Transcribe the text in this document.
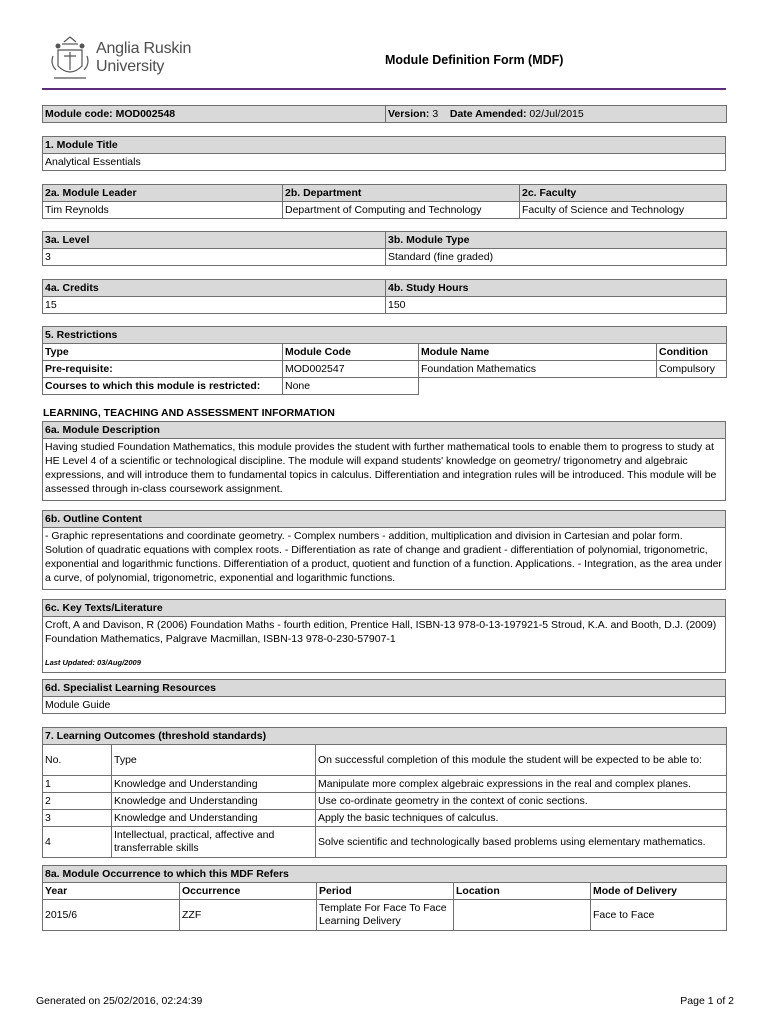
Anglia Ruskin
University	Module Definition Form (MDF)
Module code: MOD002548	Version: 3 Date Amended: 02/Jul/2015
1. Module Title
Analytical Essentials
2a. Module Leader	2b. Department	2c. Faculty
Tim Reynolds	Department of Computing and Technology	Faculty of Science and Technology
3a. Level	3b. Module Type
3	Standard (fine graded)
4a. Credits	4b. Study Hours
15	150
5. Restrictions			
Type	Module Code	Module Name	Condition
Pre-requisite:	MOD002547	Foundation Mathematics	Compulsory
Courses to which this module is restricted:	None		
LEARNING, TEACHING AND ASSESSMENT INFORMATION
6a. Module Description
Having studied Foundation Mathematics, this module provides the student with further mathematical tools to enable them to progress to study at HE Level 4 of a scientific or technological discipline. The module will expand students' knowledge on geometry/ trigonometry and algebraic expressions, and will introduce them to fundamental topics in calculus. Differentiation and integration rules will be introduced. This module will be assessed through in-class coursework assignment.
6b. Outline Content
- Graphic representations and coordinate geometry. - Complex numbers - addition, multiplication and division in Cartesian and polar form. Solution of quadratic equations with complex roots. - Differentiation as rate of change and gradient - differentiation of polynomial, trigonometric, exponential and logarithmic functions. Differentiation of a product, quotient and function of a function. Applications. - Integration, as the area under a curve, of polynomial, trigonometric, exponential and logarithmic functions.
6c. Key Texts/Literature
Croft, A and Davison, R (2006) Foundation Maths - fourth edition, Prentice Hall, ISBN-13 978-0-13-197921-5 Stroud, K.A. and Booth, D.J. (2009) Foundation Mathematics, Palgrave Macmillan, ISBN-13 978-0-230-57907-1
Last Updated: 03/Aug/2009
6d. Specialist Learning Resources
Module Guide
7. Learning Outcomes (threshold standards)		
No.	Type	On successful completion of this module the student will be expected to be able to:
1	Knowledge and Understanding	Manipulate more complex algebraic expressions in the real and complex planes.
2	Knowledge and Understanding	Use co-ordinate geometry in the context of conic sections.
3	Knowledge and Understanding	Apply the basic techniques of calculus.
4	Intellectual, practical, affective and transferrable skills	Solve scientific and technologically based problems using elementary mathematics.
8a. Module Occurrence to which this MDF Refers				
Year	Occurrence	Period	Location	Mode of Delivery
2015/6	ZZF	Template For Face To Face Learning Delivery		Face to Face
Generated on 25/02/2016, 02:24:39	Page 1 of 2
